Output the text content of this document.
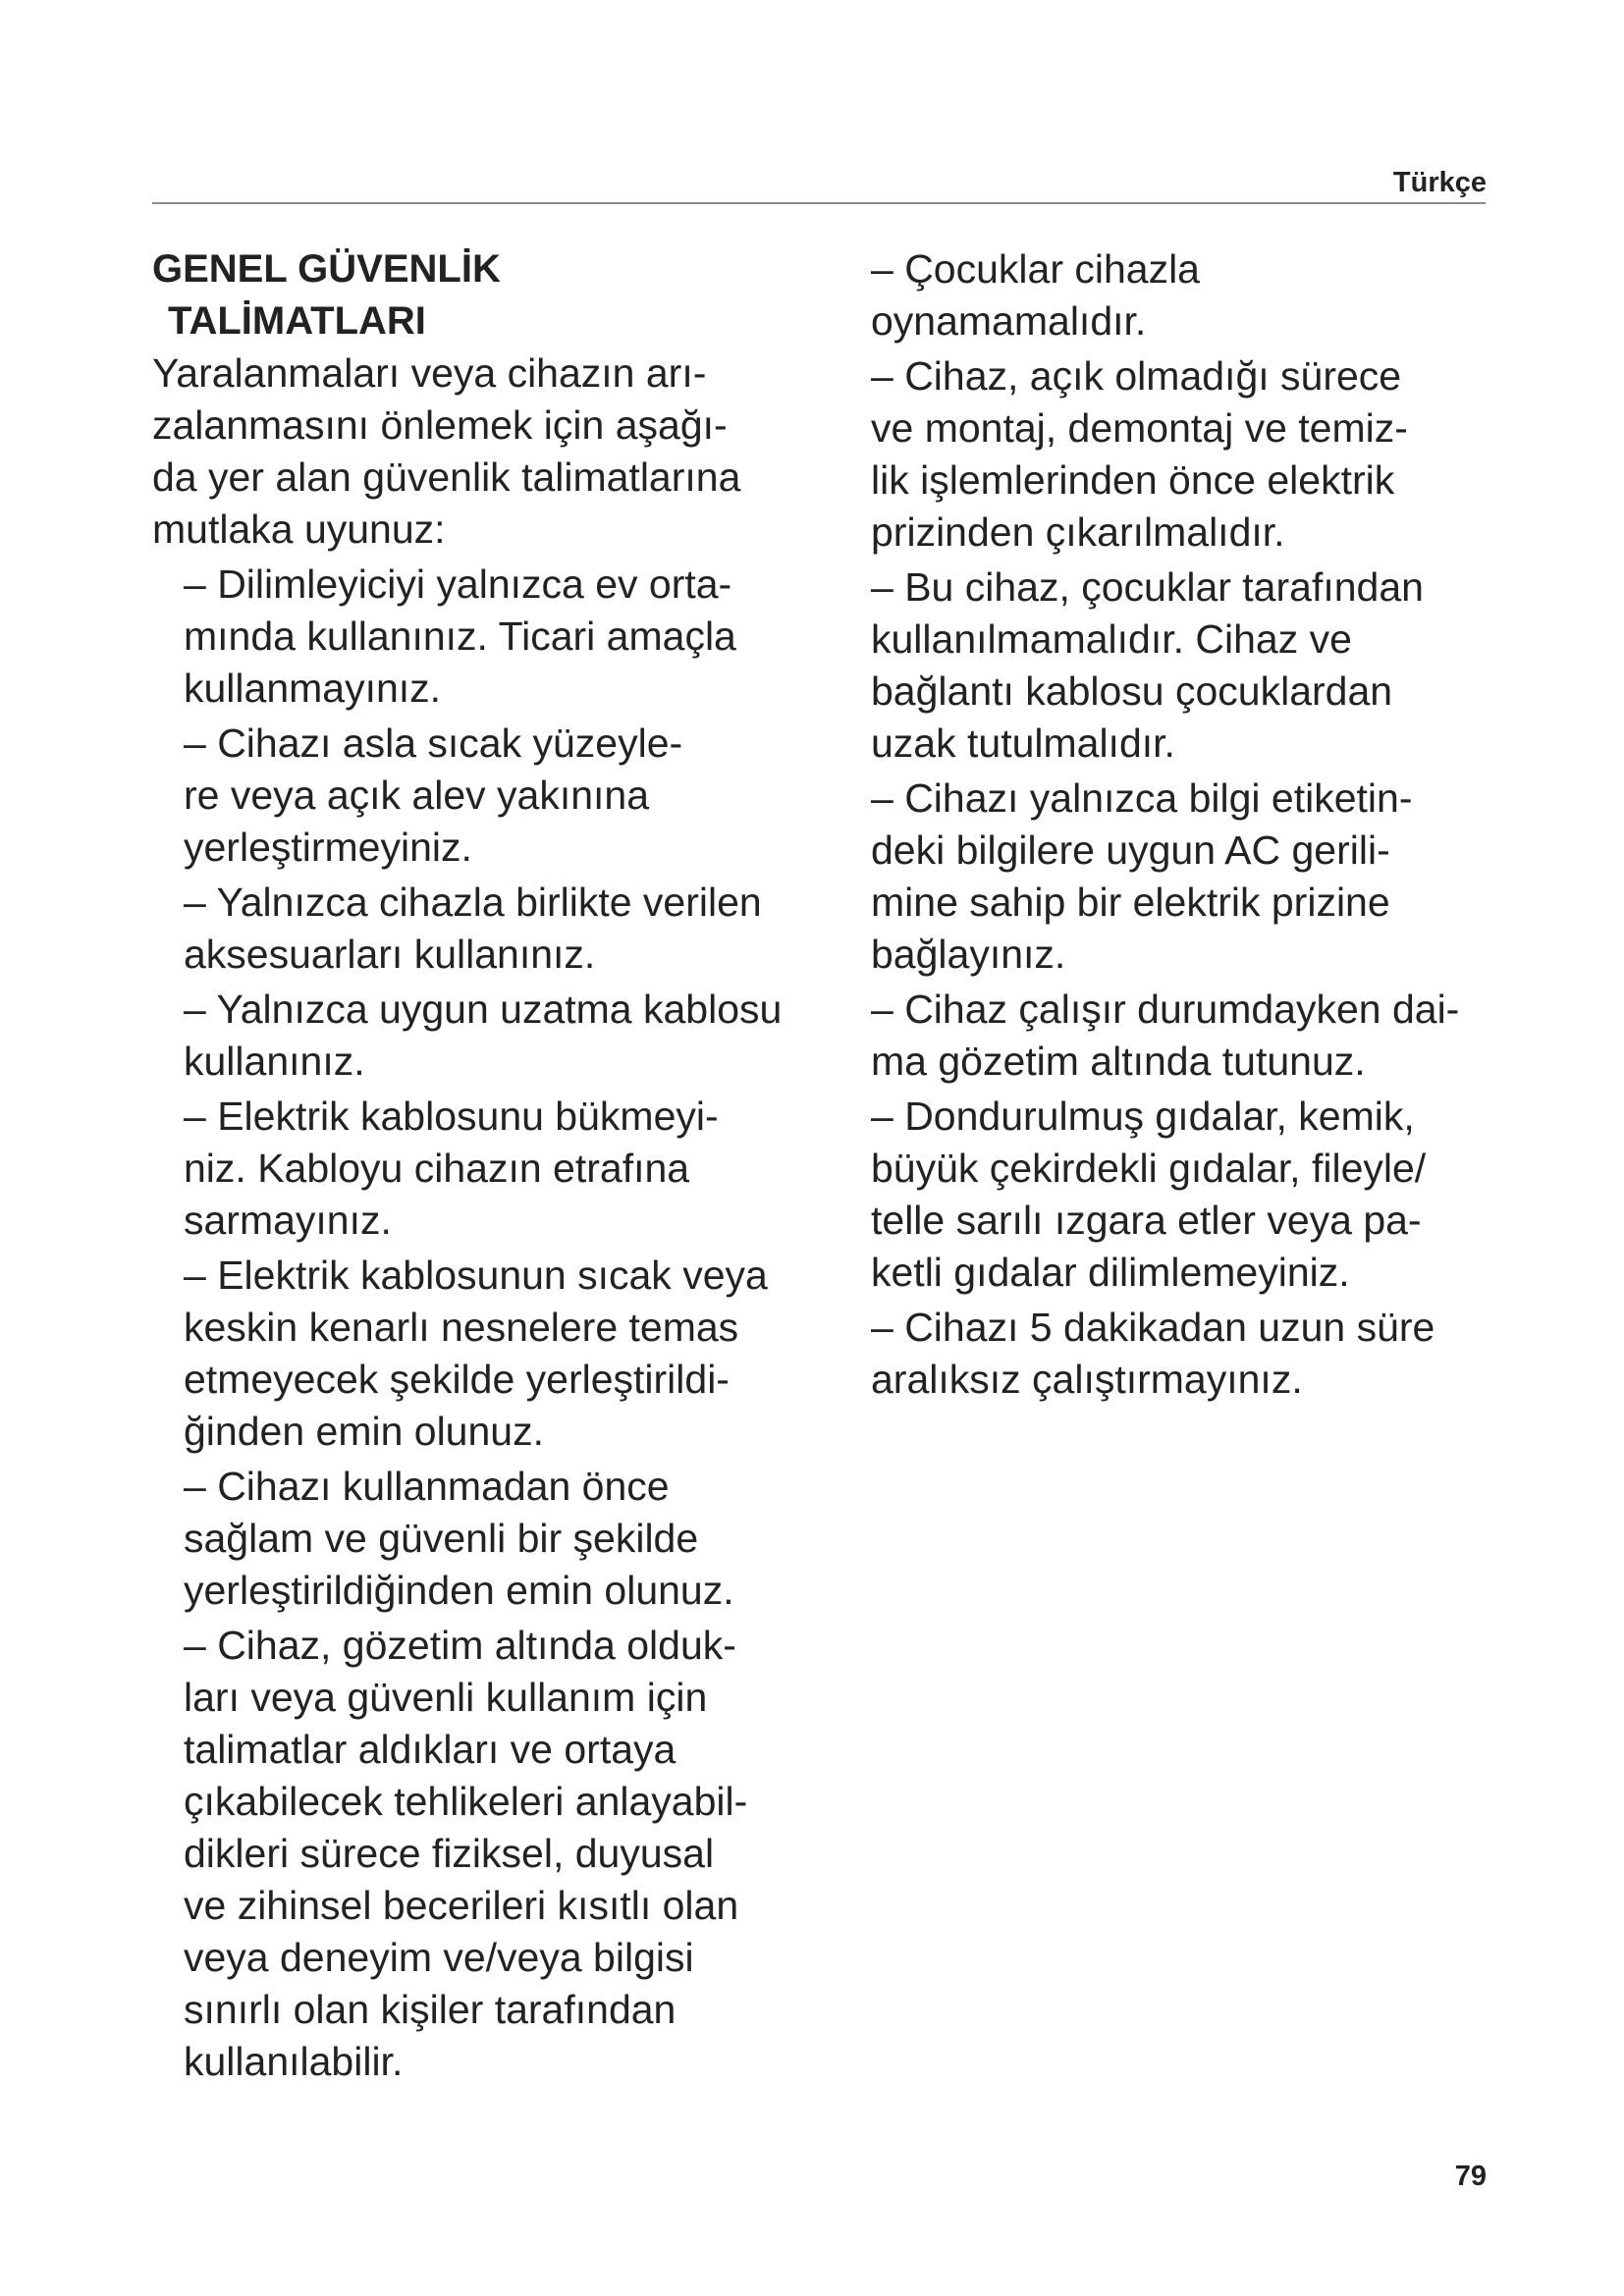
Türkçe
GENEL GÜVENLİK
TALİMATLARI

Yaralanmaları veya cihazın arı-
zalanmasını önlemek için aşağı-
da yer alan güvenlik talimatlarına
mutlaka uyunuz:

– Dilimleyiciyi yalnızca ev orta-
mında kullanınız. Ticari amaçla
kullanmayınız.
– Cihazı asla sıcak yüzeyle-
re veya açık alev yakınına
yerleştirmeyiniz.
– Yalnızca cihazla birlikte verilen
aksesuarları kullanınız.
– Yalnızca uygun uzatma kablosu
kullanınız.
– Elektrik kablosunu bükmeyi-
niz. Kabloyu cihazın etrafına
sarmayınız.
– Elektrik kablosunun sıcak veya
keskin kenarlı nesnelere temas
etmeyecek şekilde yerleştirildi-
ğinden emin olunuz.
– Cihazı kullanmadan önce
sağlam ve güvenli bir şekilde
yerleştirildiğinden emin olunuz.
– Cihaz, gözetim altında olduk-
ları veya güvenli kullanım için
talimatlar aldıkları ve ortaya
çıkabilecek tehlikeleri anlayabil-
dikleri sürece fiziksel, duyusal
ve zihinsel becerileri kısıtlı olan
veya deneyim ve/veya bilgisi
sınırlı olan kişiler tarafından
kullanılabilir.
– Çocuklar cihazla
oynamamalıdır.
– Cihaz, açık olmadığı sürece
ve montaj, demontaj ve temiz-
lik işlemlerinden önce elektrik
prizinden çıkarılmalıdır.
– Bu cihaz, çocuklar tarafından
kullanılmamalıdır. Cihaz ve
bağlantı kablosu çocuklardan
uzak tutulmalıdır.
– Cihazı yalnızca bilgi etiketin-
deki bilgilere uygun AC gerili-
mine sahip bir elektrik prizine
bağlayınız.
– Cihaz çalışır durumdayken dai-
ma gözetim altında tutunuz.
– Dondurulmuş gıdalar, kemik,
büyük çekirdekli gıdalar, fileyle/
telle sarılı ızgara etler veya pa-
ketli gıdalar dilimlemeyiniz.
– Cihazı 5 dakikadan uzun süre
aralıksız çalıştırmayınız.
79
